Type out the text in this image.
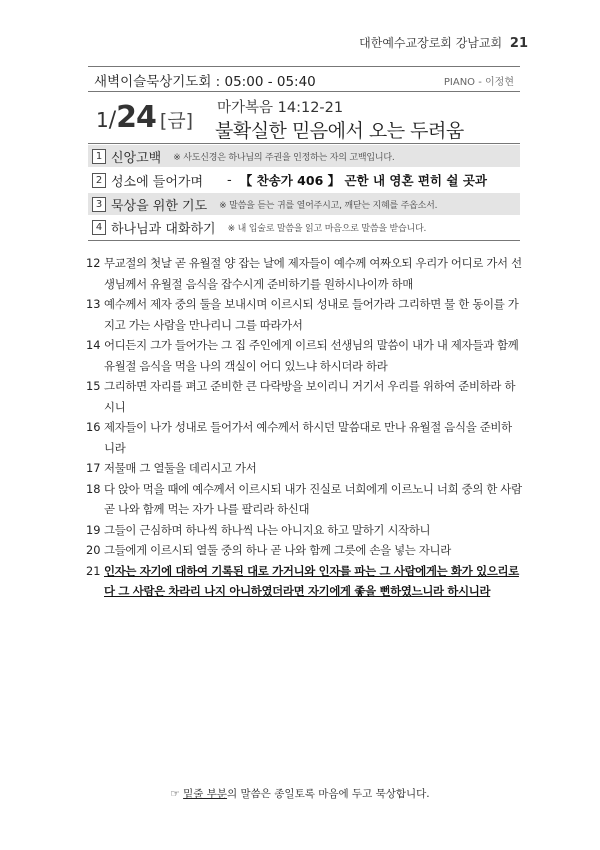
대한예수교장로회 강남교회 21
새벽이슬묵상기도회 : 05:00 - 05:40	PIANO - 이정현
1/24 [금]
마가복음 14:12-21
불확실한 믿음에서 오는 두려움
1 신앙고백 ※ 사도신경은 하나님의 주권을 인정하는 자의 고백입니다.
2 성소에 들어가며 - 【 찬송가 406 】 곤한 내 영혼 편히 쉴 곳과
3 묵상을 위한 기도 ※ 말씀을 듣는 귀를 열어주시고, 깨닫는 지혜를 주옵소서.
4 하나님과 대화하기 ※ 내 입술로 말씀을 읽고 마음으로 말씀을 받습니다.
12 무교절의 첫날 곧 유월절 양 잡는 날에 제자들이 예수께 여짜오되 우리가 어디로 가서 선생님께서 유월절 음식을 잡수시게 준비하기를 원하시나이까 하매
13 예수께서 제자 중의 둘을 보내시며 이르시되 성내로 들어가라 그리하면 물 한 동이를 가지고 가는 사람을 만나리니 그를 따라가서
14 어디든지 그가 들어가는 그 집 주인에게 이르되 선생님의 말씀이 내가 내 제자들과 함께 유월절 음식을 먹을 나의 객실이 어디 있느냐 하시더라 하라
15 그리하면 자리를 펴고 준비한 큰 다락방을 보이리니 거기서 우리를 위하여 준비하라 하시니
16 제자들이 나가 성내로 들어가서 예수께서 하시던 말씀대로 만나 유월절 음식을 준비하니라
17 저물매 그 열둘을 데리시고 가서
18 다 앉아 먹을 때에 예수께서 이르시되 내가 진실로 너희에게 이르노니 너희 중의 한 사람 곧 나와 함께 먹는 자가 나를 팔리라 하신대
19 그들이 근심하며 하나씩 하나씩 나는 아니지요 하고 말하기 시작하니
20 그들에게 이르시되 열둘 중의 하나 곧 나와 함께 그릇에 손을 넣는 자니라
21 인자는 자기에 대하여 기록된 대로 가거니와 인자를 파는 그 사람에게는 화가 있으리로다 그 사람은 차라리 나지 아니하였더라면 자기에게 좋을 뻔하였느니라 하시니라
☞ 밑줄 부분의 말씀은 종일토록 마음에 두고 묵상합니다.
